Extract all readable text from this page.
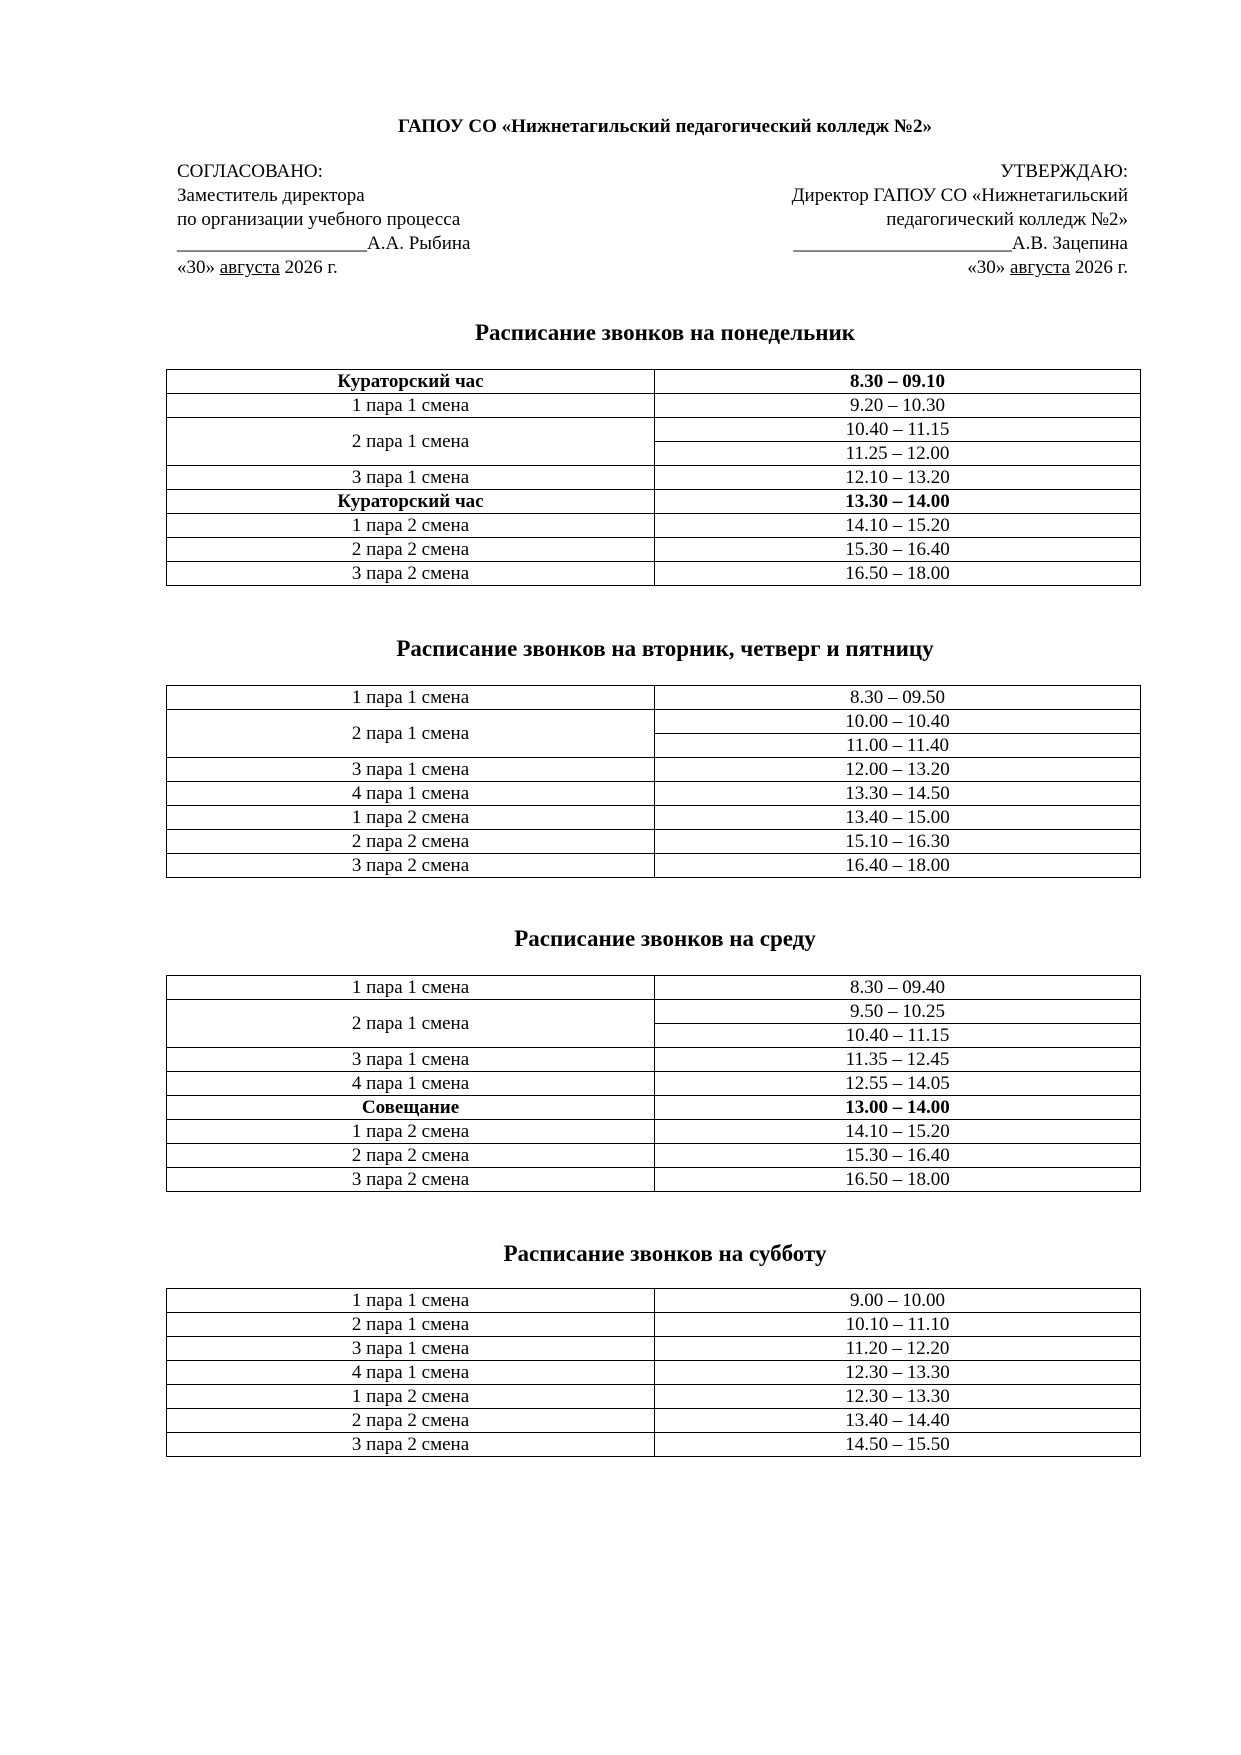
ГАПОУ СО «Нижнетагильский педагогический колледж №2»
СОГЛАСОВАНО:
Заместитель директора
по организации учебного процесса
____________________А.А. Рыбина
«30» августа 2026 г.
УТВЕРЖДАЮ:
Директор ГАПОУ СО «Нижнетагильский
педагогический колледж №2»
_______________________А.В. Зацепина
«30» августа 2026 г.
Расписание звонков на понедельник
Кураторский час	8.30 – 09.10
1 пара 1 смена	9.20 – 10.30
2 пара 1 смена	10.40 – 11.15
	11.25 – 12.00
3 пара 1 смена	12.10 – 13.20
Кураторский час	13.30 – 14.00
1 пара 2 смена	14.10 – 15.20
2 пара 2 смена	15.30 – 16.40
3 пара 2 смена	16.50 – 18.00
Расписание звонков на вторник, четверг и пятницу
1 пара 1 смена	8.30 – 09.50
2 пара 1 смена	10.00 – 10.40
	11.00 – 11.40
3 пара 1 смена	12.00 – 13.20
4 пара 1 смена	13.30 – 14.50
1 пара 2 смена	13.40 – 15.00
2 пара 2 смена	15.10 – 16.30
3 пара 2 смена	16.40 – 18.00
Расписание звонков на среду
1 пара 1 смена	8.30 – 09.40
2 пара 1 смена	9.50 – 10.25
	10.40 – 11.15
3 пара 1 смена	11.35 – 12.45
4 пара 1 смена	12.55 – 14.05
Совещание	13.00 – 14.00
1 пара 2 смена	14.10 – 15.20
2 пара 2 смена	15.30 – 16.40
3 пара 2 смена	16.50 – 18.00
Расписание звонков на субботу
1 пара 1 смена	9.00 – 10.00
2 пара 1 смена	10.10 – 11.10
3 пара 1 смена	11.20 – 12.20
4 пара 1 смена	12.30 – 13.30
1 пара 2 смена	12.30 – 13.30
2 пара 2 смена	13.40 – 14.40
3 пара 2 смена	14.50 – 15.50
